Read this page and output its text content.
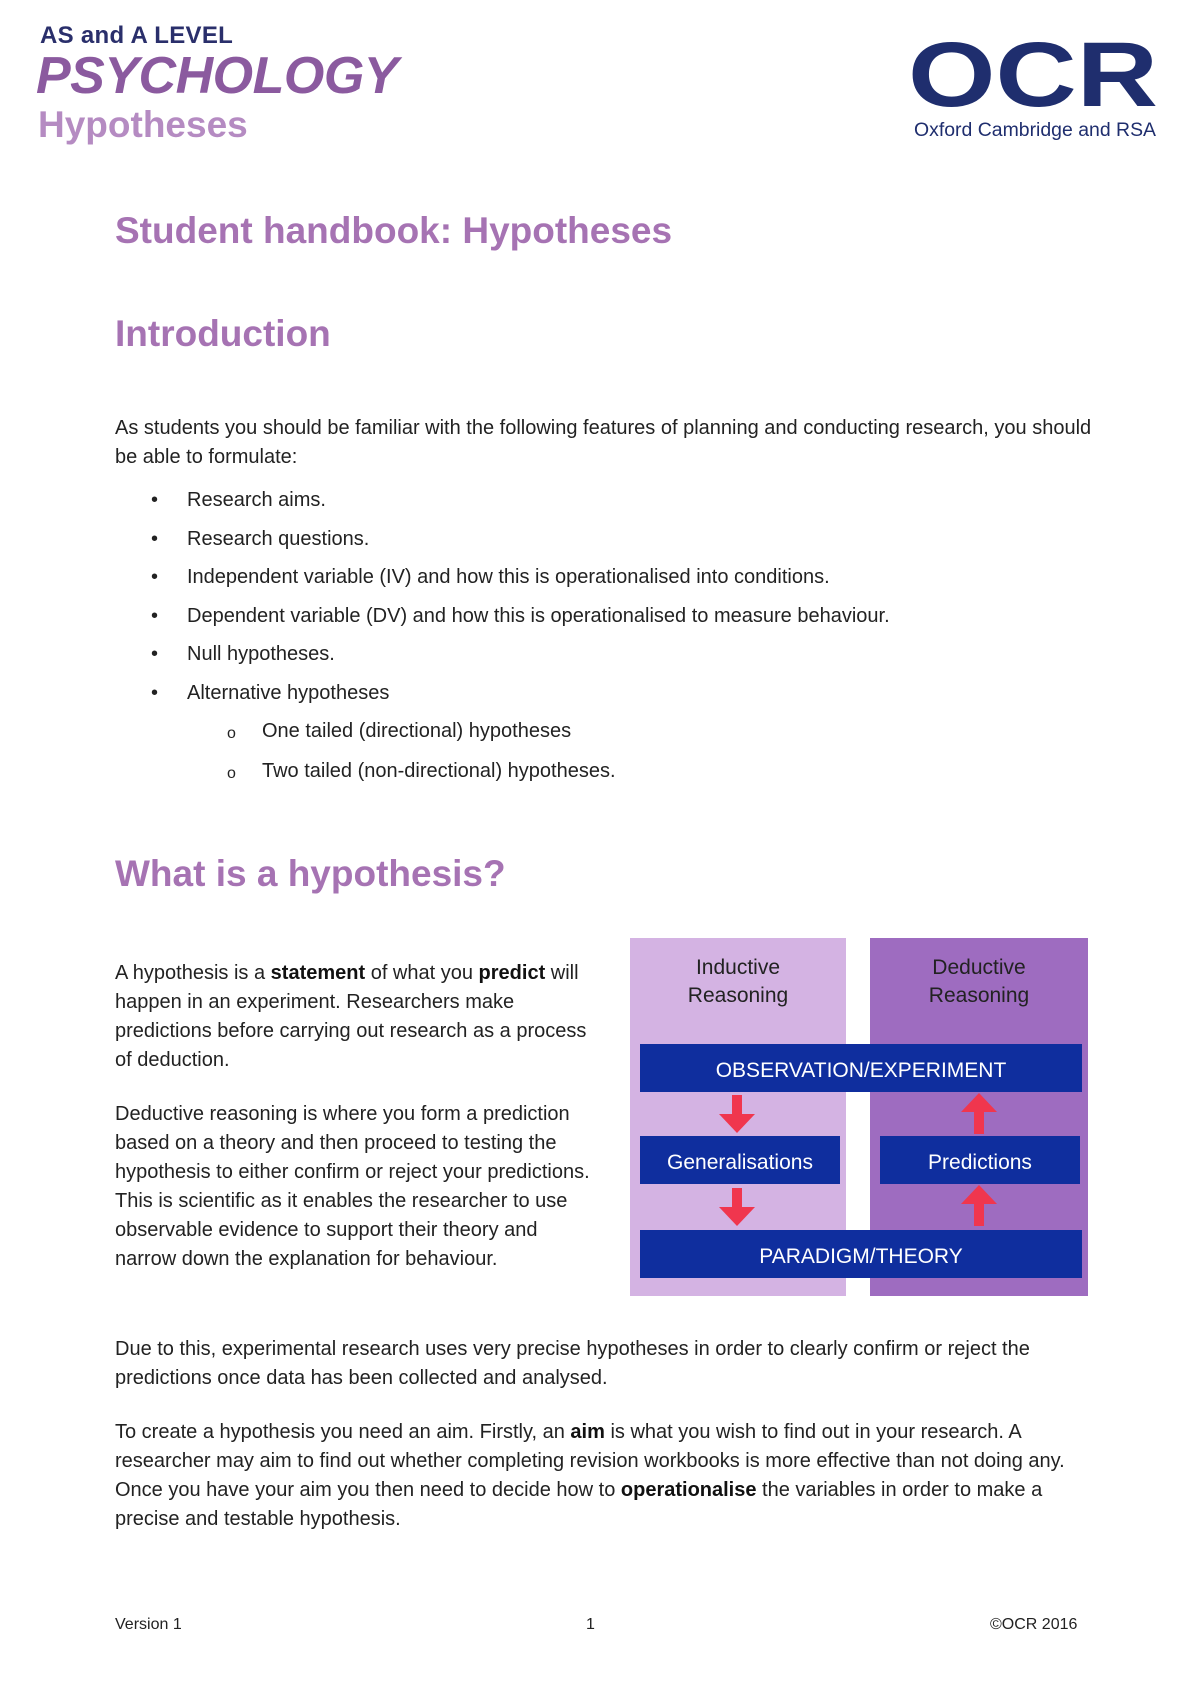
AS and A LEVEL
PSYCHOLOGY
Hypotheses	OCR
Oxford Cambridge and RSA
Student handbook: Hypotheses
Introduction

As students you should be familiar with the following features of planning and conducting research, you should be able to formulate:

• Research aims.
• Research questions.
• Independent variable (IV) and how this is operationalised into conditions.
• Dependent variable (DV) and how this is operationalised to measure behaviour.
• Null hypotheses.
• Alternative hypotheses
o One tailed (directional) hypotheses
o Two tailed (non-directional) hypotheses.
What is a hypothesis?

A hypothesis is a statement of what you predict will happen in an experiment. Researchers make predictions before carrying out research as a process of deduction.

Deductive reasoning is where you form a prediction based on a theory and then proceed to testing the hypothesis to either confirm or reject your predictions. This is scientific as it enables the researcher to use observable evidence to support their theory and narrow down the explanation for behaviour.

Inductive
Reasoning
Deductive
Reasoning
OBSERVATION/EXPERIMENT
Generalisations	Predictions
PARADIGM/THEORY

Due to this, experimental research uses very precise hypotheses in order to clearly confirm or reject the predictions once data has been collected and analysed.

To create a hypothesis you need an aim. Firstly, an aim is what you wish to find out in your research. A researcher may aim to find out whether completing revision workbooks is more effective than not doing any. Once you have your aim you then need to decide how to operationalise the variables in order to make a precise and testable hypothesis.

Version 1	1	©OCR 2016
